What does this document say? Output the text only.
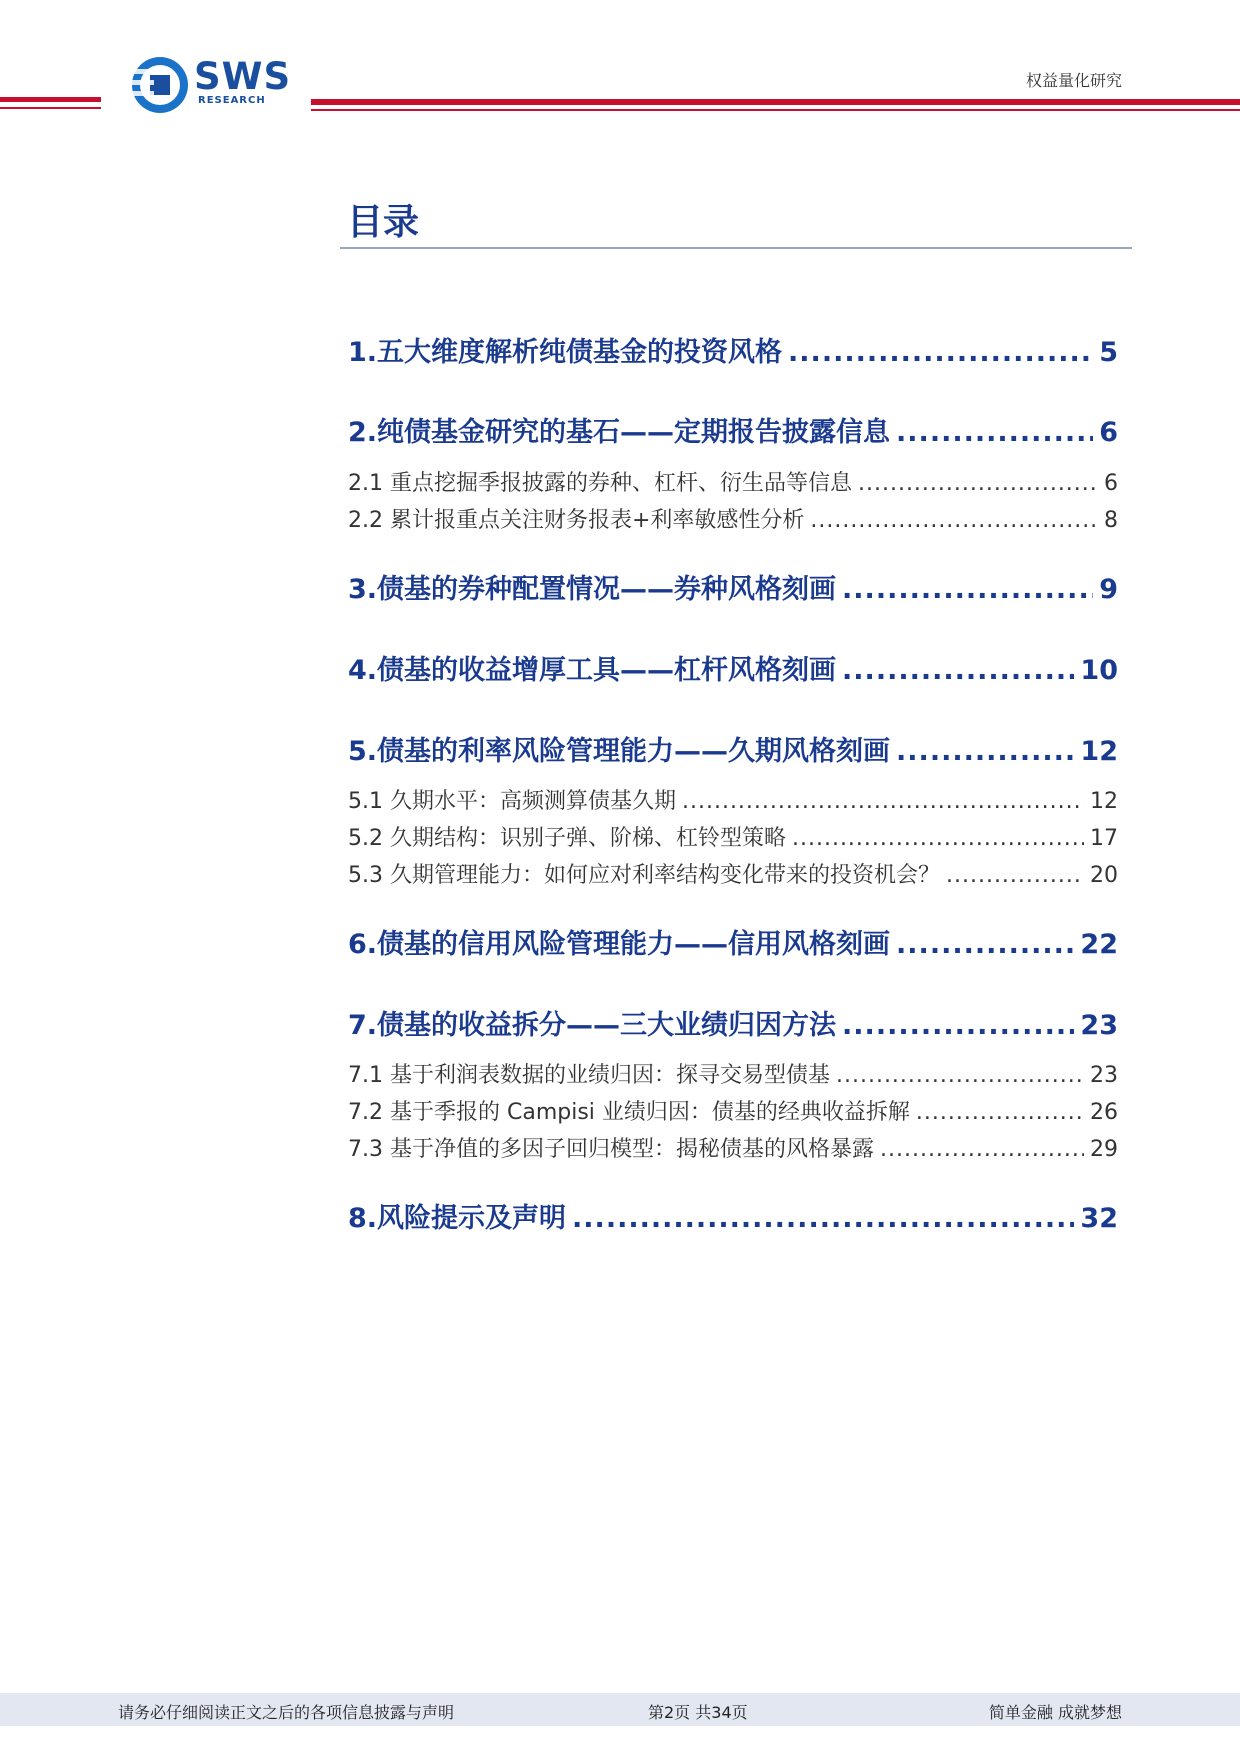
SWS
RESEARCH
权益量化研究
目录
1.五大维度解析纯债基金的投资风格 .....	5
2.纯债基金研究的基石——定期报告披露信息 .....	6
2.1 重点挖掘季报披露的券种、杠杆、衍生品等信息 .....	6
2.2 累计报重点关注财务报表+利率敏感性分析 .....	8
3.债基的券种配置情况——券种风格刻画 .....	9
4.债基的收益增厚工具——杠杆风格刻画 .....	10
5.债基的利率风险管理能力——久期风格刻画 .....	12
5.1 久期水平：高频测算债基久期 .....	12
5.2 久期结构：识别子弹、阶梯、杠铃型策略 .....	17
5.3 久期管理能力：如何应对利率结构变化带来的投资机会？ .....	20
6.债基的信用风险管理能力——信用风格刻画 .....	22
7.债基的收益拆分——三大业绩归因方法 .....	23
7.1 基于利润表数据的业绩归因：探寻交易型债基 .....	23
7.2 基于季报的 Campisi 业绩归因：债基的经典收益拆解 .....	26
7.3 基于净值的多因子回归模型：揭秘债基的风格暴露 .....	29
8.风险提示及声明 .....	32
请务必仔细阅读正文之后的各项信息披露与声明	第2页 共34页	简单金融 成就梦想
